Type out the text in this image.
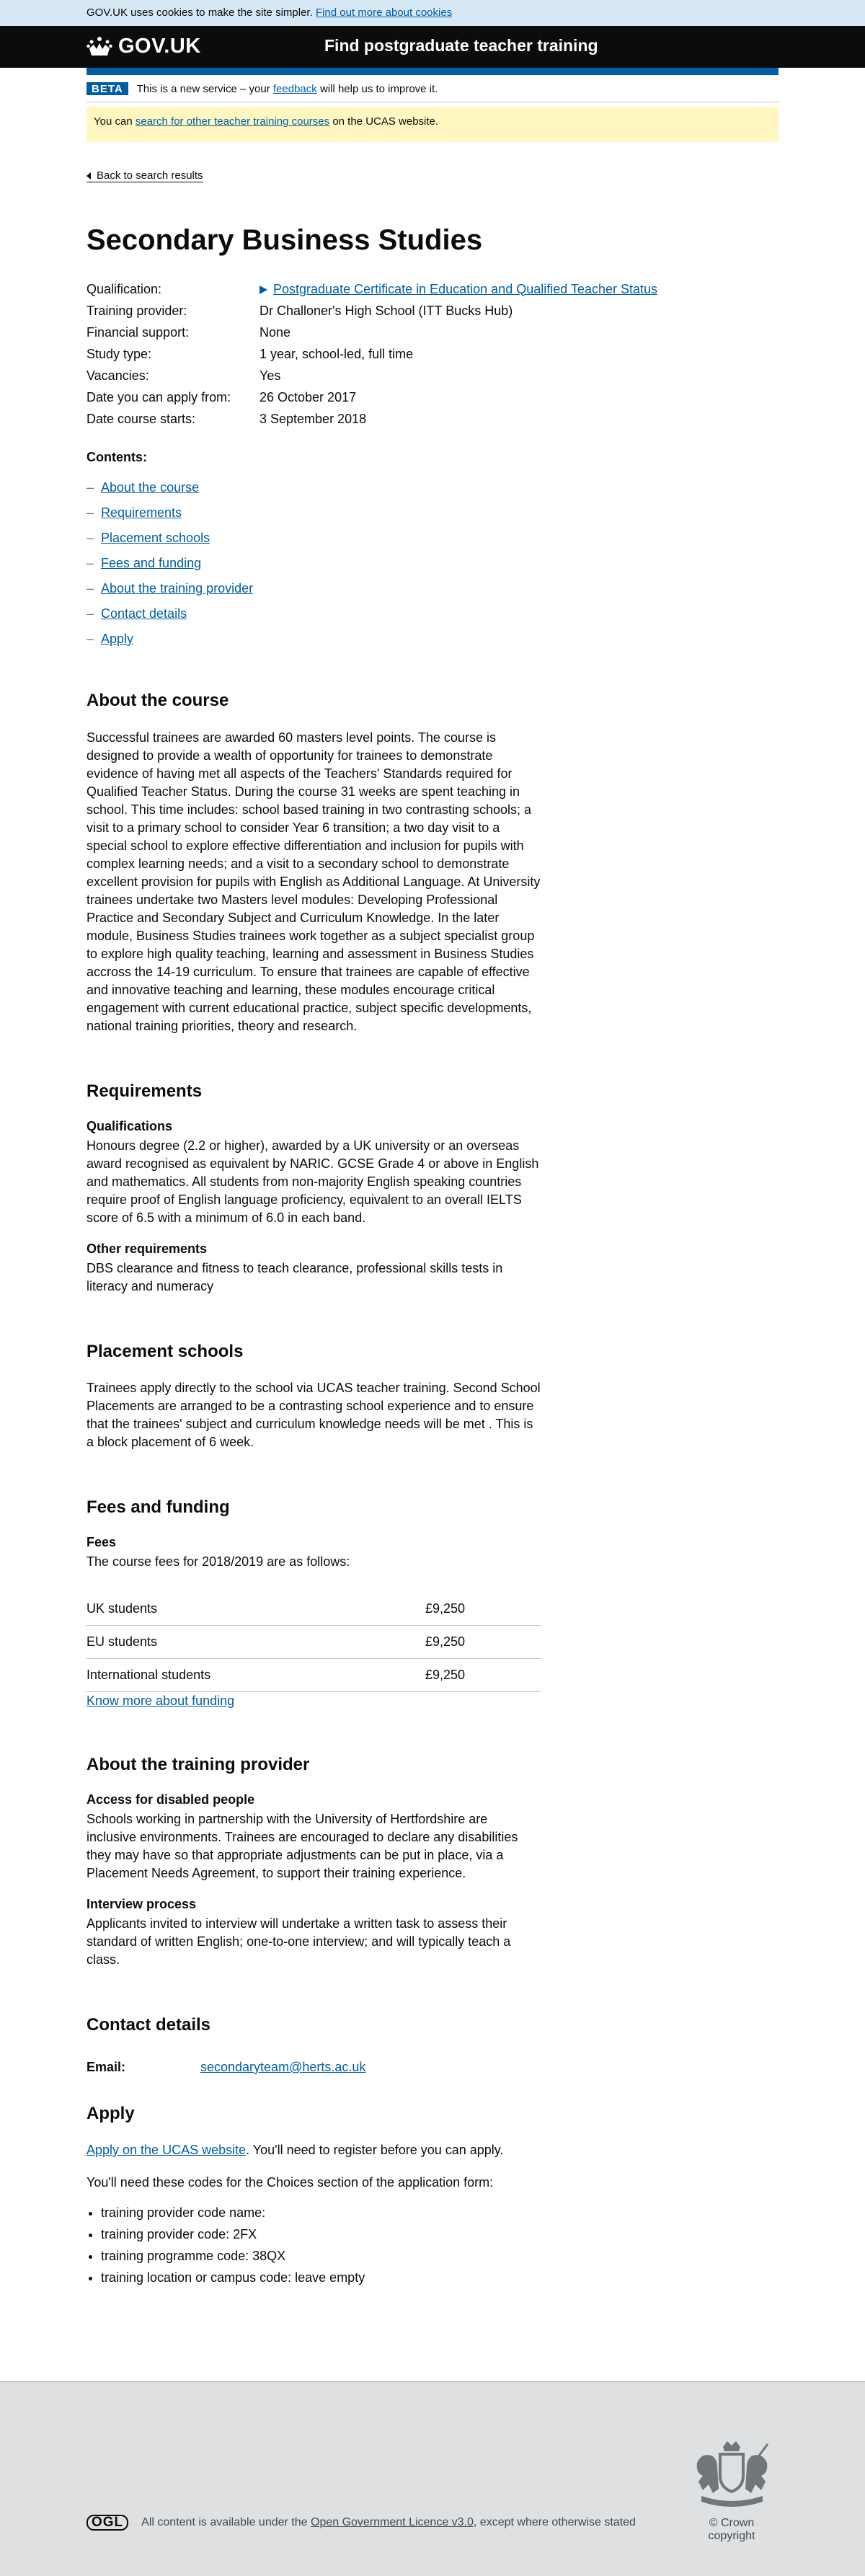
GOV.UK uses cookies to make the site simpler. Find out more about cookies
GOV.UK	Find postgraduate teacher training
BETA This is a new service – your feedback will help us to improve it.
You can search for other teacher training courses on the UCAS website.
Back to search results
Secondary Business Studies
Qualification:	Postgraduate Certificate in Education and Qualified Teacher Status
Training provider:	Dr Challoner's High School (ITT Bucks Hub)
Financial support:	None
Study type:	1 year, school-led, full time
Vacancies:	Yes
Date you can apply from:	26 October 2017
Date course starts:	3 September 2018
Contents:
– About the course
– Requirements
– Placement schools
– Fees and funding
– About the training provider
– Contact details
– Apply
About the course

Successful trainees are awarded 60 masters level points. The course is designed to provide a wealth of opportunity for trainees to demonstrate evidence of having met all aspects of the Teachers' Standards required for Qualified Teacher Status. During the course 31 weeks are spent teaching in school. This time includes: school based training in two contrasting schools; a visit to a primary school to consider Year 6 transition; a two day visit to a special school to explore effective differentiation and inclusion for pupils with complex learning needs; and a visit to a secondary school to demonstrate excellent provision for pupils with English as Additional Language. At University trainees undertake two Masters level modules: Developing Professional Practice and Secondary Subject and Curriculum Knowledge. In the later module, Business Studies trainees work together as a subject specialist group to explore high quality teaching, learning and assessment in Business Studies accross the 14-19 curriculum. To ensure that trainees are capable of effective and innovative teaching and learning, these modules encourage critical engagement with current educational practice, subject specific developments, national training priorities, theory and research.

Requirements
Qualifications

Honours degree (2.2 or higher), awarded by a UK university or an overseas award recognised as equivalent by NARIC. GCSE Grade 4 or above in English and mathematics. All students from non-majority English speaking countries require proof of English language proficiency, equivalent to an overall IELTS score of 6.5 with a minimum of 6.0 in each band.

Other requirements

DBS clearance and fitness to teach clearance, professional skills tests in literacy and numeracy

Placement schools

Trainees apply directly to the school via UCAS teacher training. Second School Placements are arranged to be a contrasting school experience and to ensure that the trainees' subject and curriculum knowledge needs will be met . This is a block placement of 6 week.

Fees and funding
Fees

The course fees for 2018/2019 are as follows:

UK students	£9,250
EU students	£9,250
International students	£9,250
Know more about funding
About the training provider
Access for disabled people

Schools working in partnership with the University of Hertfordshire are inclusive environments. Trainees are encouraged to declare any disabilities they may have so that appropriate adjustments can be put in place, via a Placement Needs Agreement, to support their training experience.

Interview process

Applicants invited to interview will undertake a written task to assess their standard of written English; one-to-one interview; and will typically teach a class.

Contact details
Email:	secondaryteam@herts.ac.uk
Apply

Apply on the UCAS website. You'll need to register before you can apply.

You'll need these codes for the Choices section of the application form:

• training provider code name:
• training provider code: 2FX
• training programme code: 38QX
• training location or campus code: leave empty
OGL	All content is available under the
Open Government Licence v3.0 , except where otherwise stated	© Crown copyright
